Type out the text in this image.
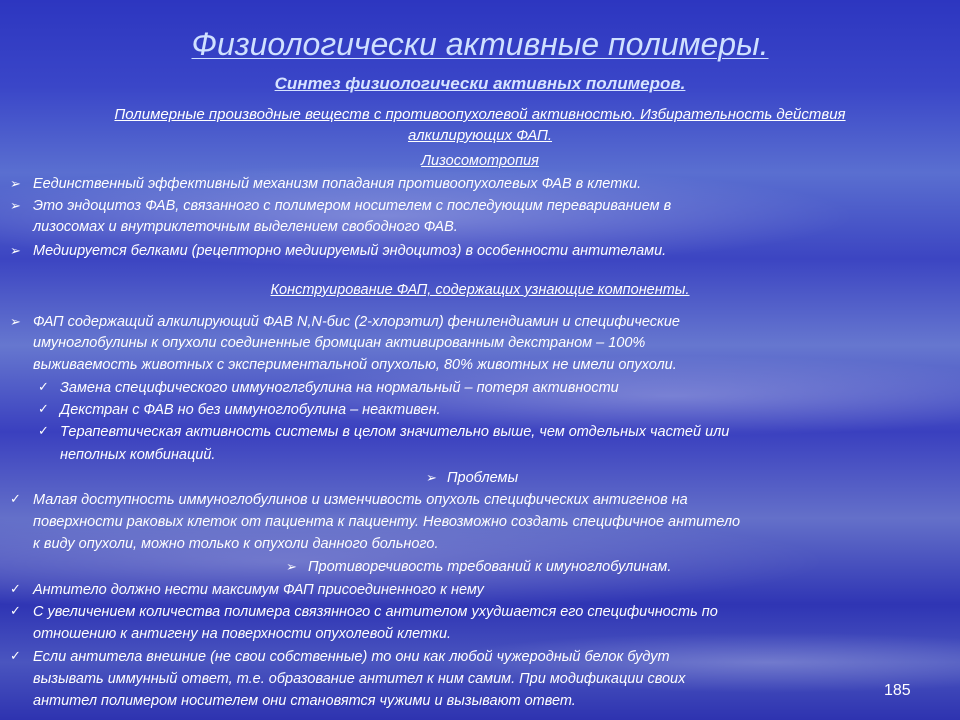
Физиологически активные полимеры.
Синтез физиологически активных полимеров.
Полимерные производные веществ с противоопухолевой активностью. Избирательность действия
алкилирующих ФАП.
Лизосомотропия
➢ Еединственный эффективный механизм попадания противоопухолевых ФАВ в клетки.
➢ Это эндоцитоз ФАВ, связанного с полимером носителем с последующим перевариванием в
лизосомах и внутриклеточным выделением свободного ФАВ.
➢ Медиируется белками (рецепторно медиируемый эндоцитоз) в особенности антителами.
Конструирование ФАП, содержащих узнающие компоненты.
➢ ФАП содержащий алкилирующий ФАВ N,N-бис (2-хлорэтил) фенилендиамин и специфические
имуноглобулины к опухоли соединенные бромциан активированным декстраном – 100%
выживаемость животных с экспериментальной опухолью, 80% животных не имели опухоли.
✓ Замена специфического иммуноглгбулина на нормальный – потеря активности
✓ Декстран с ФАВ но без иммуноглобулина – неактивен.
✓ Терапевтическая активность системы в целом значительно выше, чем отдельных частей или
неполных комбинаций.
➢ Проблемы
✓ Малая доступность иммуноглобулинов и изменчивость опухоль специфических антигенов на
поверхности раковых клеток от пациента к пациенту. Невозможно создать специфичное антитело
к виду опухоли, можно только к опухоли данного больного.
➢ Противоречивость требований к имуноглобулинам.
✓ Антитело должно нести максимум ФАП присоединенного к нему
✓ С увеличением количества полимера связянного с антителом ухудшается его специфичность по
отношению к антигену на поверхности опухолевой клетки.
✓ Если антитела внешние (не свои собственные) то они как любой чужеродный белок будут
вызывать иммунный ответ, т.е. образование антител к ним самим. При модификации своих
антител полимером носителем они становятся чужими и вызывают ответ.
185
